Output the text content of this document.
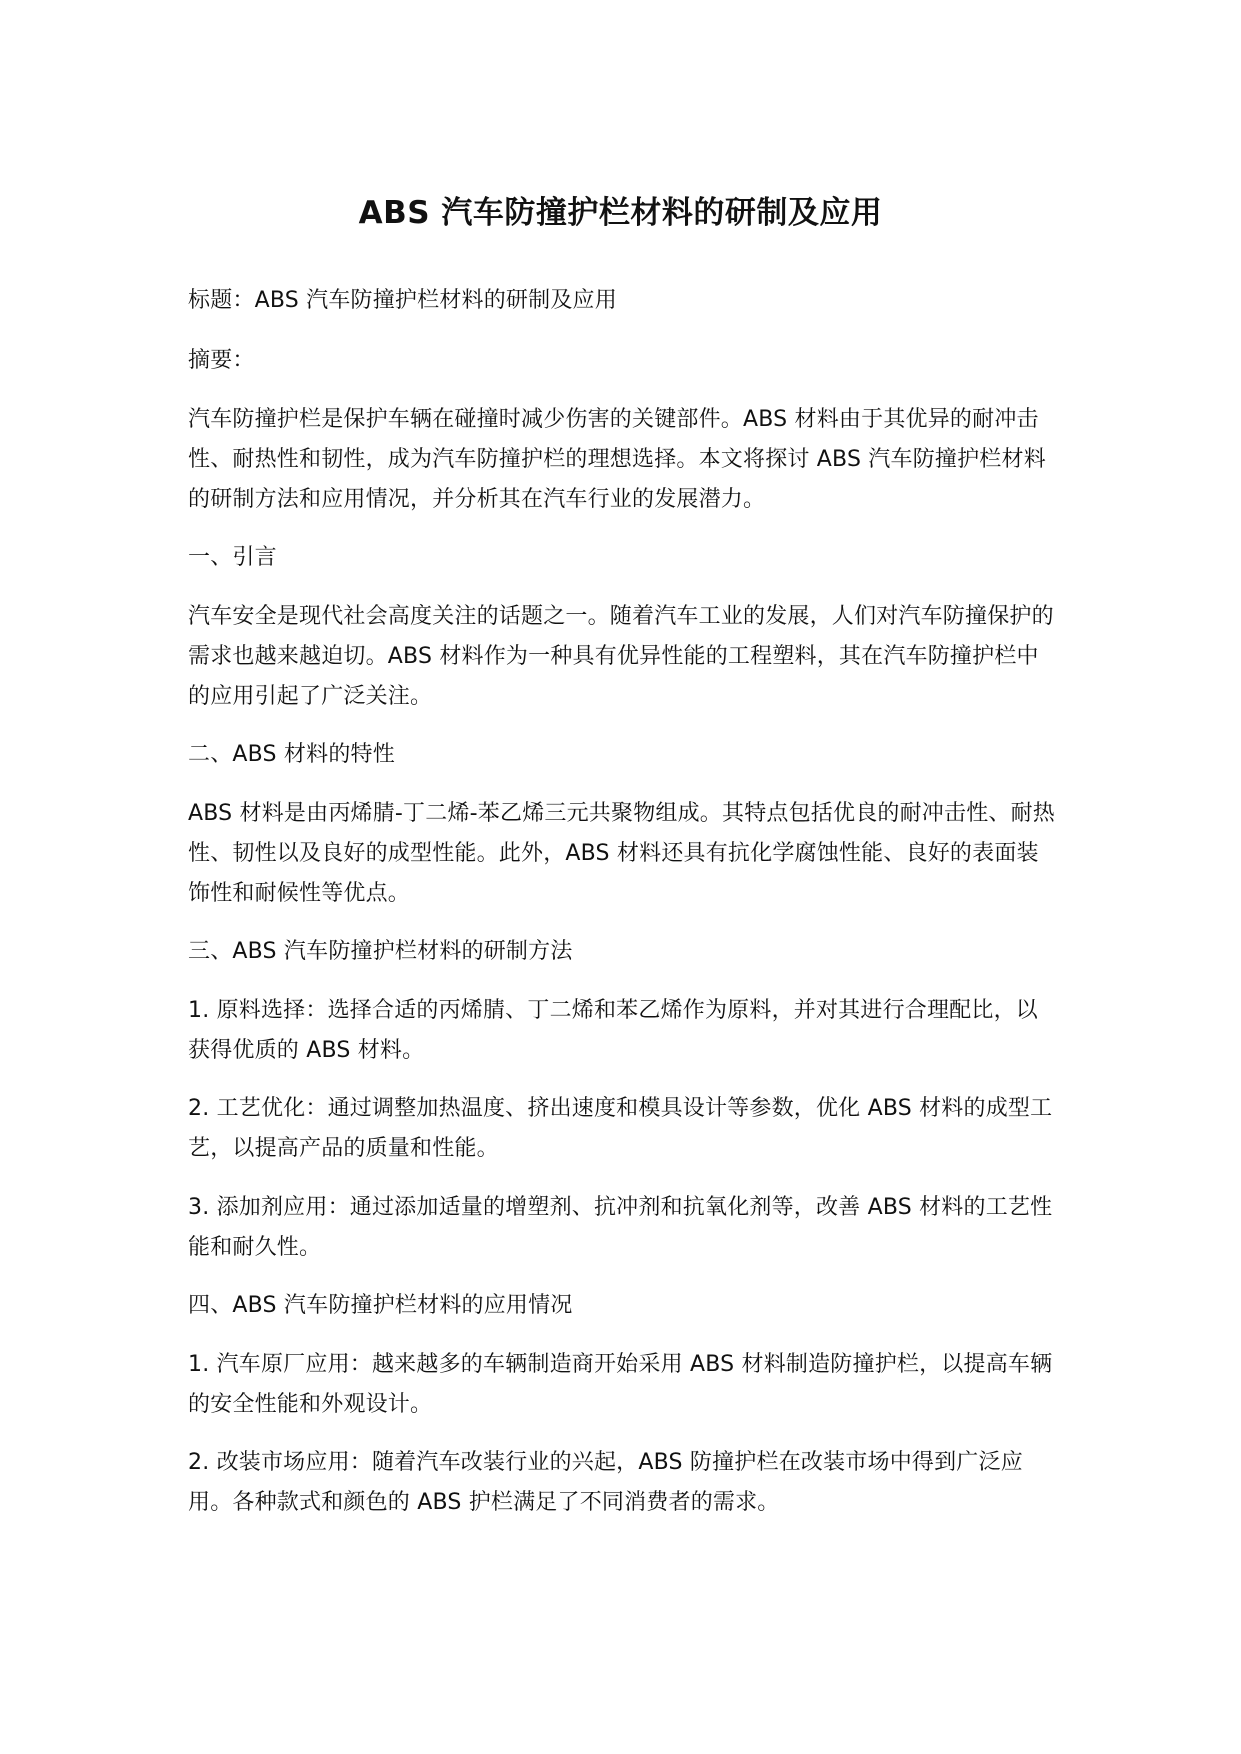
ABS 汽车防撞护栏材料的研制及应用

标题：ABS 汽车防撞护栏材料的研制及应用

摘要：

汽车防撞护栏是保护车辆在碰撞时减少伤害的关键部件。ABS 材料由于其优异的耐冲击性、耐热性和韧性，成为汽车防撞护栏的理想选择。本文将探讨 ABS 汽车防撞护栏材料的研制方法和应用情况，并分析其在汽车行业的发展潜力。

一、引言

汽车安全是现代社会高度关注的话题之一。随着汽车工业的发展，人们对汽车防撞保护的需求也越来越迫切。ABS 材料作为一种具有优异性能的工程塑料，其在汽车防撞护栏中的应用引起了广泛关注。

二、ABS 材料的特性

ABS 材料是由丙烯腈-丁二烯-苯乙烯三元共聚物组成。其特点包括优良的耐冲击性、耐热性、韧性以及良好的成型性能。此外，ABS 材料还具有抗化学腐蚀性能、良好的表面装饰性和耐候性等优点。

三、ABS 汽车防撞护栏材料的研制方法

1. 原料选择：选择合适的丙烯腈、丁二烯和苯乙烯作为原料，并对其进行合理配比，以获得优质的 ABS 材料。

2. 工艺优化：通过调整加热温度、挤出速度和模具设计等参数，优化 ABS 材料的成型工艺，以提高产品的质量和性能。

3. 添加剂应用：通过添加适量的增塑剂、抗冲剂和抗氧化剂等，改善 ABS 材料的工艺性能和耐久性。

四、ABS 汽车防撞护栏材料的应用情况

1. 汽车原厂应用：越来越多的车辆制造商开始采用 ABS 材料制造防撞护栏，以提高车辆的安全性能和外观设计。

2. 改装市场应用：随着汽车改装行业的兴起，ABS 防撞护栏在改装市场中得到广泛应用。各种款式和颜色的 ABS 护栏满足了不同消费者的需求。
